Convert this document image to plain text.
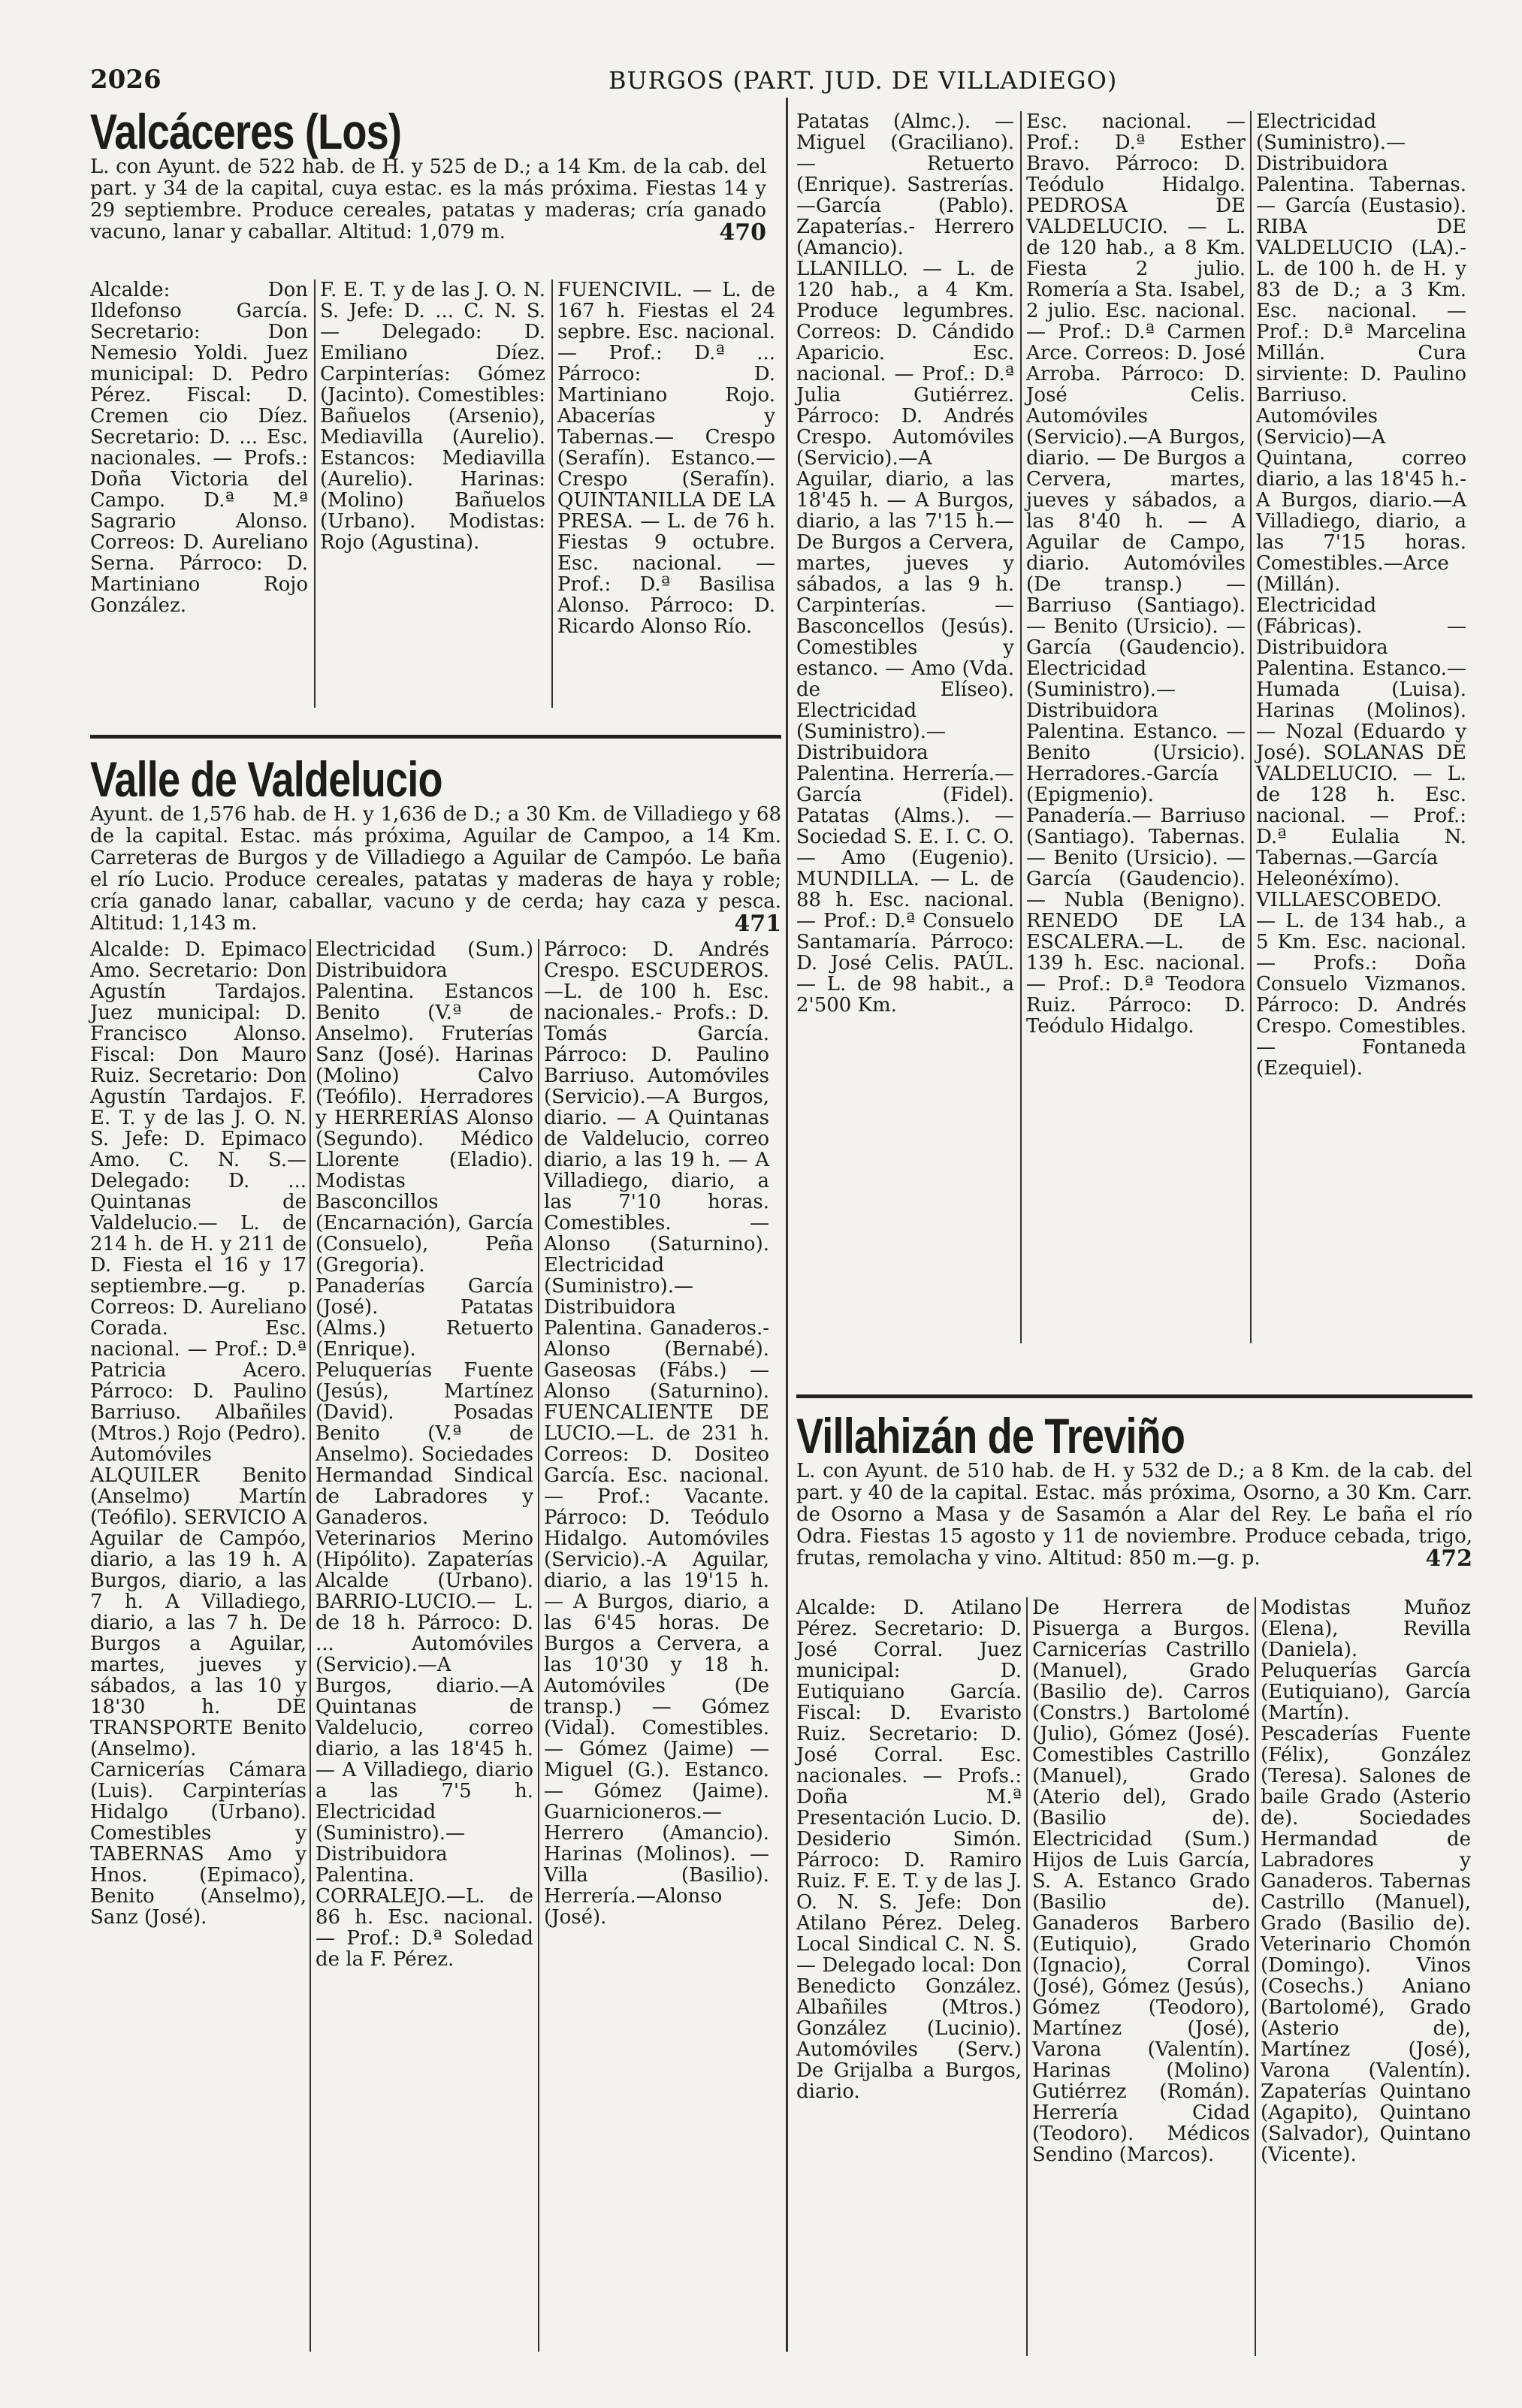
2026	BURGOS (PART. JUD. DE VILLADIEGO)
Valcáceres (Los)
L. con Ayunt. de 522 hab. de H. y 525 de D.; a 14 Km. de la cab. del part. y 34 de la capital, cuya estac. es la más próxima. Fiestas 14 y 29 septiembre. Produce cereales, patatas y maderas; cría ganado vacuno, lanar y caballar. Altitud: 1,079 m.	470

Alcalde: Don Ildefonso García. Secretario: Don Nemesio Yoldi. Juez municipal: D. Pedro Pérez. Fiscal: D. Cremen cio Díez. Secretario: D. ... Esc. nacionales. — Profs.: Doña Victoria del Campo. D.ª M.ª Sagrario Alonso. Correos: D. Aureliano Serna. Párroco: D. Martiniano Rojo González.

F. E. T. y de las J. O. N. S. Jefe: D. ... C. N. S. — Delegado: D. Emiliano Díez. Carpinterías: Gómez (Jacinto). Comestibles: Bañuelos (Arsenio), Mediavilla (Aurelio). Estancos: Mediavilla (Aurelio). Harinas: (Molino) Bañuelos (Urbano). Modistas: Rojo (Agustina).

FUENCIVIL. — L. de 167 h. Fiestas el 24 sepbre. Esc. nacional. — Prof.: D.ª ... Párroco: D. Martiniano Rojo. Abacerías y Tabernas.— Crespo (Serafín). Estanco.— Crespo (Serafín). QUINTANILLA DE LA PRESA. — L. de 76 h. Fiestas 9 octubre. Esc. nacional. — Prof.: D.ª Basilisa Alonso. Párroco: D. Ricardo Alonso Río.

Valle de Valdelucio
Ayunt. de 1,576 hab. de H. y 1,636 de D.; a 30 Km. de Villadiego y 68 de la capital. Estac. más próxima, Aguilar de Campoo, a 14 Km. Carreteras de Burgos y de Villadiego a Aguilar de Campóo. Le baña el río Lucio. Produce cereales, patatas y maderas de haya y roble; cría ganado lanar, caballar, vacuno y de cerda; hay caza y pesca. Altitud: 1,143 m.	471

Alcalde: D. Epimaco Amo. Secretario: Don Agustín Tardajos. Juez municipal: D. Francisco Alonso. Fiscal: Don Mauro Ruiz. Secretario: Don Agustín Tardajos. F. E. T. y de las J. O. N. S. Jefe: D. Epimaco Amo. C. N. S.—Delegado: D. ... Quintanas de Valdelucio.— L. de 214 h. de H. y 211 de D. Fiesta el 16 y 17 septiembre.—g. p. Correos: D. Aureliano Corada. Esc. nacional. — Prof.: D.ª Patricia Acero. Párroco: D. Paulino Barriuso. Albañiles (Mtros.) Rojo (Pedro). Automóviles ALQUILER Benito (Anselmo) Martín (Teófilo). SERVICIO A Aguilar de Campóo, diario, a las 19 h. A Burgos, diario, a las 7 h. A Villadiego, diario, a las 7 h. De Burgos a Aguilar, martes, jueves y sábados, a las 10 y 18'30 h. DE TRANSPORTE Benito (Anselmo). Carnicerías Cámara (Luis). Carpinterías Hidalgo (Urbano). Comestibles y TABERNAS Amo y Hnos. (Epimaco), Benito (Anselmo), Sanz (José).

Electricidad (Sum.) Distribuidora Palentina. Estancos Benito (V.ª de Anselmo). Fruterías Sanz (José). Harinas (Molino) Calvo (Teófilo). Herradores y HERRERÍAS Alonso (Segundo). Médico Llorente (Eladio). Modistas Basconcillos (Encarnación), García (Consuelo), Peña (Gregoria). Panaderías García (José). Patatas (Alms.) Retuerto (Enrique). Peluquerías Fuente (Jesús), Martínez (David). Posadas Benito (V.ª de Anselmo). Sociedades Hermandad Sindical de Labradores y Ganaderos. Veterinarios Merino (Hipólito). Zapaterías Alcalde (Urbano). BARRIO-LUCIO.— L. de 18 h. Párroco: D. ... Automóviles (Servicio).—A Burgos, diario.—A Quintanas de Valdelucio, correo diario, a las 18'45 h. — A Villadiego, diario a las 7'5 h. Electricidad (Suministro).—Distribuidora Palentina. CORRALEJO.—L. de 86 h. Esc. nacional. — Prof.: D.ª Soledad de la F. Pérez.

Párroco: D. Andrés Crespo. ESCUDEROS.—L. de 100 h. Esc. nacionales.- Profs.: D. Tomás García. Párroco: D. Paulino Barriuso. Automóviles (Servicio).—A Burgos, diario. — A Quintanas de Valdelucio, correo diario, a las 19 h. — A Villadiego, diario, a las 7'10 horas. Comestibles. — Alonso (Saturnino). Electricidad (Suministro).—Distribuidora Palentina. Ganaderos.-Alonso (Bernabé). Gaseosas (Fábs.) — Alonso (Saturnino). FUENCALIENTE DE LUCIO.—L. de 231 h. Correos: D. Dositeo García. Esc. nacional. — Prof.: Vacante. Párroco: D. Teódulo Hidalgo. Automóviles (Servicio).-A Aguilar, diario, a las 19'15 h. — A Burgos, diario, a las 6'45 horas. De Burgos a Cervera, a las 10'30 y 18 h. Automóviles (De transp.) — Gómez (Vidal). Comestibles. — Gómez (Jaime) —Miguel (G.). Estanco. — Gómez (Jaime). Guarnicioneros.— Herrero (Amancio). Harinas (Molinos). — Villa (Basilio). Herrería.—Alonso (José).

Patatas (Almc.). —Miguel (Graciliano). — Retuerto (Enrique). Sastrerías.—García (Pablo). Zapaterías.- Herrero (Amancio). LLANILLO. — L. de 120 hab., a 4 Km. Produce legumbres. Correos: D. Cándido Aparicio. Esc. nacional. — Prof.: D.ª Julia Gutiérrez. Párroco: D. Andrés Crespo. Automóviles (Servicio).—A Aguilar, diario, a las 18'45 h. — A Burgos, diario, a las 7'15 h.—De Burgos a Cervera, martes, jueves y sábados, a las 9 h. Carpinterías. — Basconcellos (Jesús). Comestibles y estanco. — Amo (Vda. de Elíseo). Electricidad (Suministro).—Distribuidora Palentina. Herrería.— García (Fidel). Patatas (Alms.). — Sociedad S. E. I. C. O.— Amo (Eugenio). MUNDILLA. — L. de 88 h. Esc. nacional. — Prof.: D.ª Consuelo Santamaría. Párroco: D. José Celis. PAÚL. — L. de 98 habit., a 2'500 Km.

Esc. nacional. — Prof.: D.ª Esther Bravo. Párroco: D. Teódulo Hidalgo. PEDROSA DE VALDELUCIO. — L. de 120 hab., a 8 Km. Fiesta 2 julio. Romería a Sta. Isabel, 2 julio. Esc. nacional. — Prof.: D.ª Carmen Arce. Correos: D. José Arroba. Párroco: D. José Celis. Automóviles (Servicio).—A Burgos, diario. — De Burgos a Cervera, martes, jueves y sábados, a las 8'40 h. — A Aguilar de Campo, diario. Automóviles (De transp.) — Barriuso (Santiago). — Benito (Ursicio). — García (Gaudencio). Electricidad (Suministro).—Distribuidora Palentina. Estanco. — Benito (Ursicio). Herradores.-García (Epigmenio). Panadería.— Barriuso (Santiago). Tabernas. — Benito (Ursicio). —García (Gaudencio). — Nubla (Benigno). RENEDO DE LA ESCALERA.—L. de 139 h. Esc. nacional. — Prof.: D.ª Teodora Ruiz. Párroco: D. Teódulo Hidalgo.

Electricidad (Suministro).—Distribuidora Palentina. Tabernas.— García (Eustasio). RIBA DE VALDELUCIO (LA).-L. de 100 h. de H. y 83 de D.; a 3 Km. Esc. nacional. — Prof.: D.ª Marcelina Millán. Cura sirviente: D. Paulino Barriuso. Automóviles (Servicio)—A Quintana, correo diario, a las 18'45 h.-A Burgos, diario.—A Villadiego, diario, a las 7'15 horas. Comestibles.—Arce (Millán). Electricidad (Fábricas). — Distribuidora Palentina. Estanco.—Humada (Luisa). Harinas (Molinos). — Nozal (Eduardo y José). SOLANAS DE VALDELUCIO. — L. de 128 h. Esc. nacional. — Prof.: D.ª Eulalia N. Tabernas.—García Heleonéxímo). VILLAESCOBEDO. — L. de 134 hab., a 5 Km. Esc. nacional. — Profs.: Doña Consuelo Vizmanos. Párroco: D. Andrés Crespo. Comestibles. — Fontaneda (Ezequiel).

Villahizán de Treviño
L. con Ayunt. de 510 hab. de H. y 532 de D.; a 8 Km. de la cab. del part. y 40 de la capital. Estac. más próxima, Osorno, a 30 Km. Carr. de Osorno a Masa y de Sasamón a Alar del Rey. Le baña el río Odra. Fiestas 15 agosto y 11 de noviembre. Produce cebada, trigo, frutas, remolacha y vino. Altitud: 850 m.—g. p.	472

Alcalde: D. Atilano Pérez. Secretario: D. José Corral. Juez municipal: D. Eutiquiano García. Fiscal: D. Evaristo Ruiz. Secretario: D. José Corral. Esc. nacionales. — Profs.: Doña M.ª Presentación Lucio. D. Desiderio Simón. Párroco: D. Ramiro Ruiz. F. E. T. y de las J. O. N. S. Jefe: Don Atilano Pérez. Deleg. Local Sindical C. N. S. — Delegado local: Don Benedicto González. Albañiles (Mtros.) González (Lucinio). Automóviles (Serv.) De Grijalba a Burgos, diario.

De Herrera de Pisuerga a Burgos. Carnicerías Castrillo (Manuel), Grado (Basilio de). Carros (Constrs.) Bartolomé (Julio), Gómez (José). Comestibles Castrillo (Manuel), Grado (Aterio del), Grado (Basilio de). Electricidad (Sum.) Hijos de Luis García, S. A. Estanco Grado (Basilio de). Ganaderos Barbero (Eutiquio), Grado (Ignacio), Corral (José), Gómez (Jesús), Gómez (Teodoro), Martínez (José), Varona (Valentín). Harinas (Molino) Gutiérrez (Román). Herrería Cidad (Teodoro). Médicos Sendino (Marcos).

Modistas Muñoz (Elena), Revilla (Daniela). Peluquerías García (Eutiquiano), García (Martín). Pescaderías Fuente (Félix), González (Teresa). Salones de baile Grado (Asterio de). Sociedades Hermandad de Labradores y Ganaderos. Tabernas Castrillo (Manuel), Grado (Basilio de). Veterinario Chomón (Domingo). Vinos (Cosechs.) Aniano (Bartolomé), Grado (Asterio de), Martínez (José), Varona (Valentín). Zapaterías Quintano (Agapito), Quintano (Salvador), Quintano (Vicente).
